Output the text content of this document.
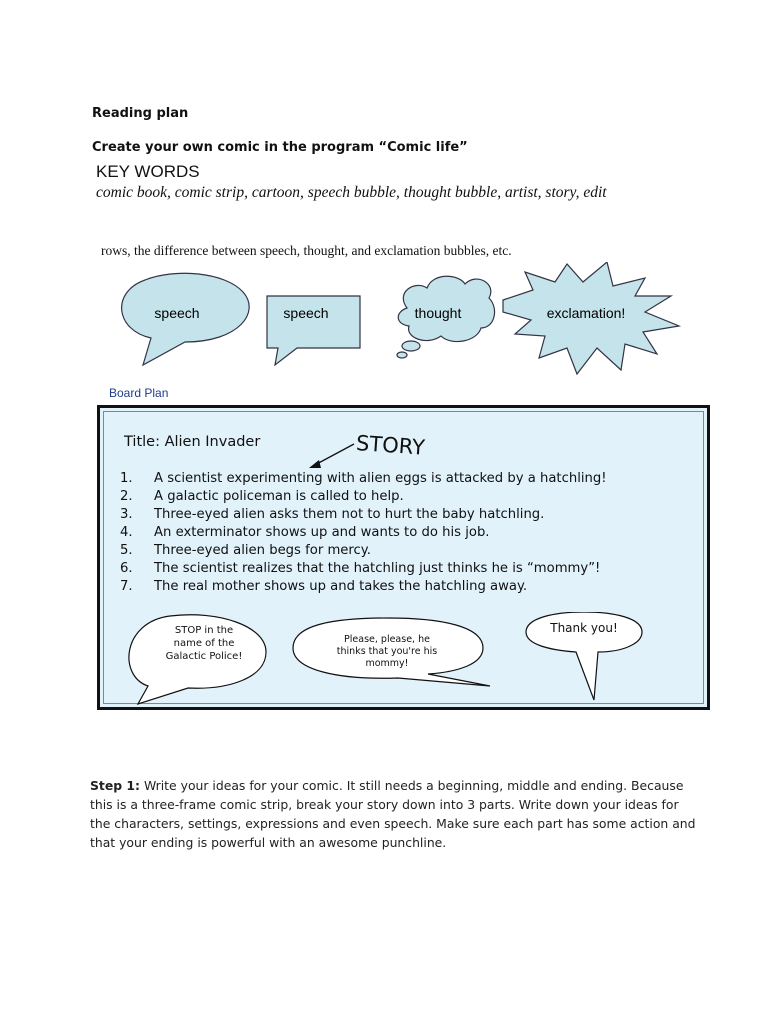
Reading plan
Create your own comic in the program “Comic life”
KEY WORDS
comic book, comic strip, cartoon, speech bubble, thought bubble, artist, story, edit
rows, the difference between speech, thought, and exclamation bubbles, etc.
speech	speech	thought	exclamation!
Board Plan
Title: Alien Invader	STORY
1. A scientist experimenting with alien eggs is attacked by a hatchling!
2. A galactic policeman is called to help.
3. Three-eyed alien asks them not to hurt the baby hatchling.
4. An exterminator shows up and wants to do his job.
5. Three-eyed alien begs for mercy.
6. The scientist realizes that the hatchling just thinks he is “mommy”!
7. The real mother shows up and takes the hatchling away.
STOP in the
name of the
Galactic Police!
Please, please, he
thinks that you're his
mommy!
Thank you!
Step 1: Write your ideas for your comic. It still needs a beginning, middle and ending. Because this is a three-frame comic strip, break your story down into 3 parts. Write down your ideas for the characters, settings, expressions and even speech. Make sure each part has some action and that your ending is powerful with an awesome punchline.
